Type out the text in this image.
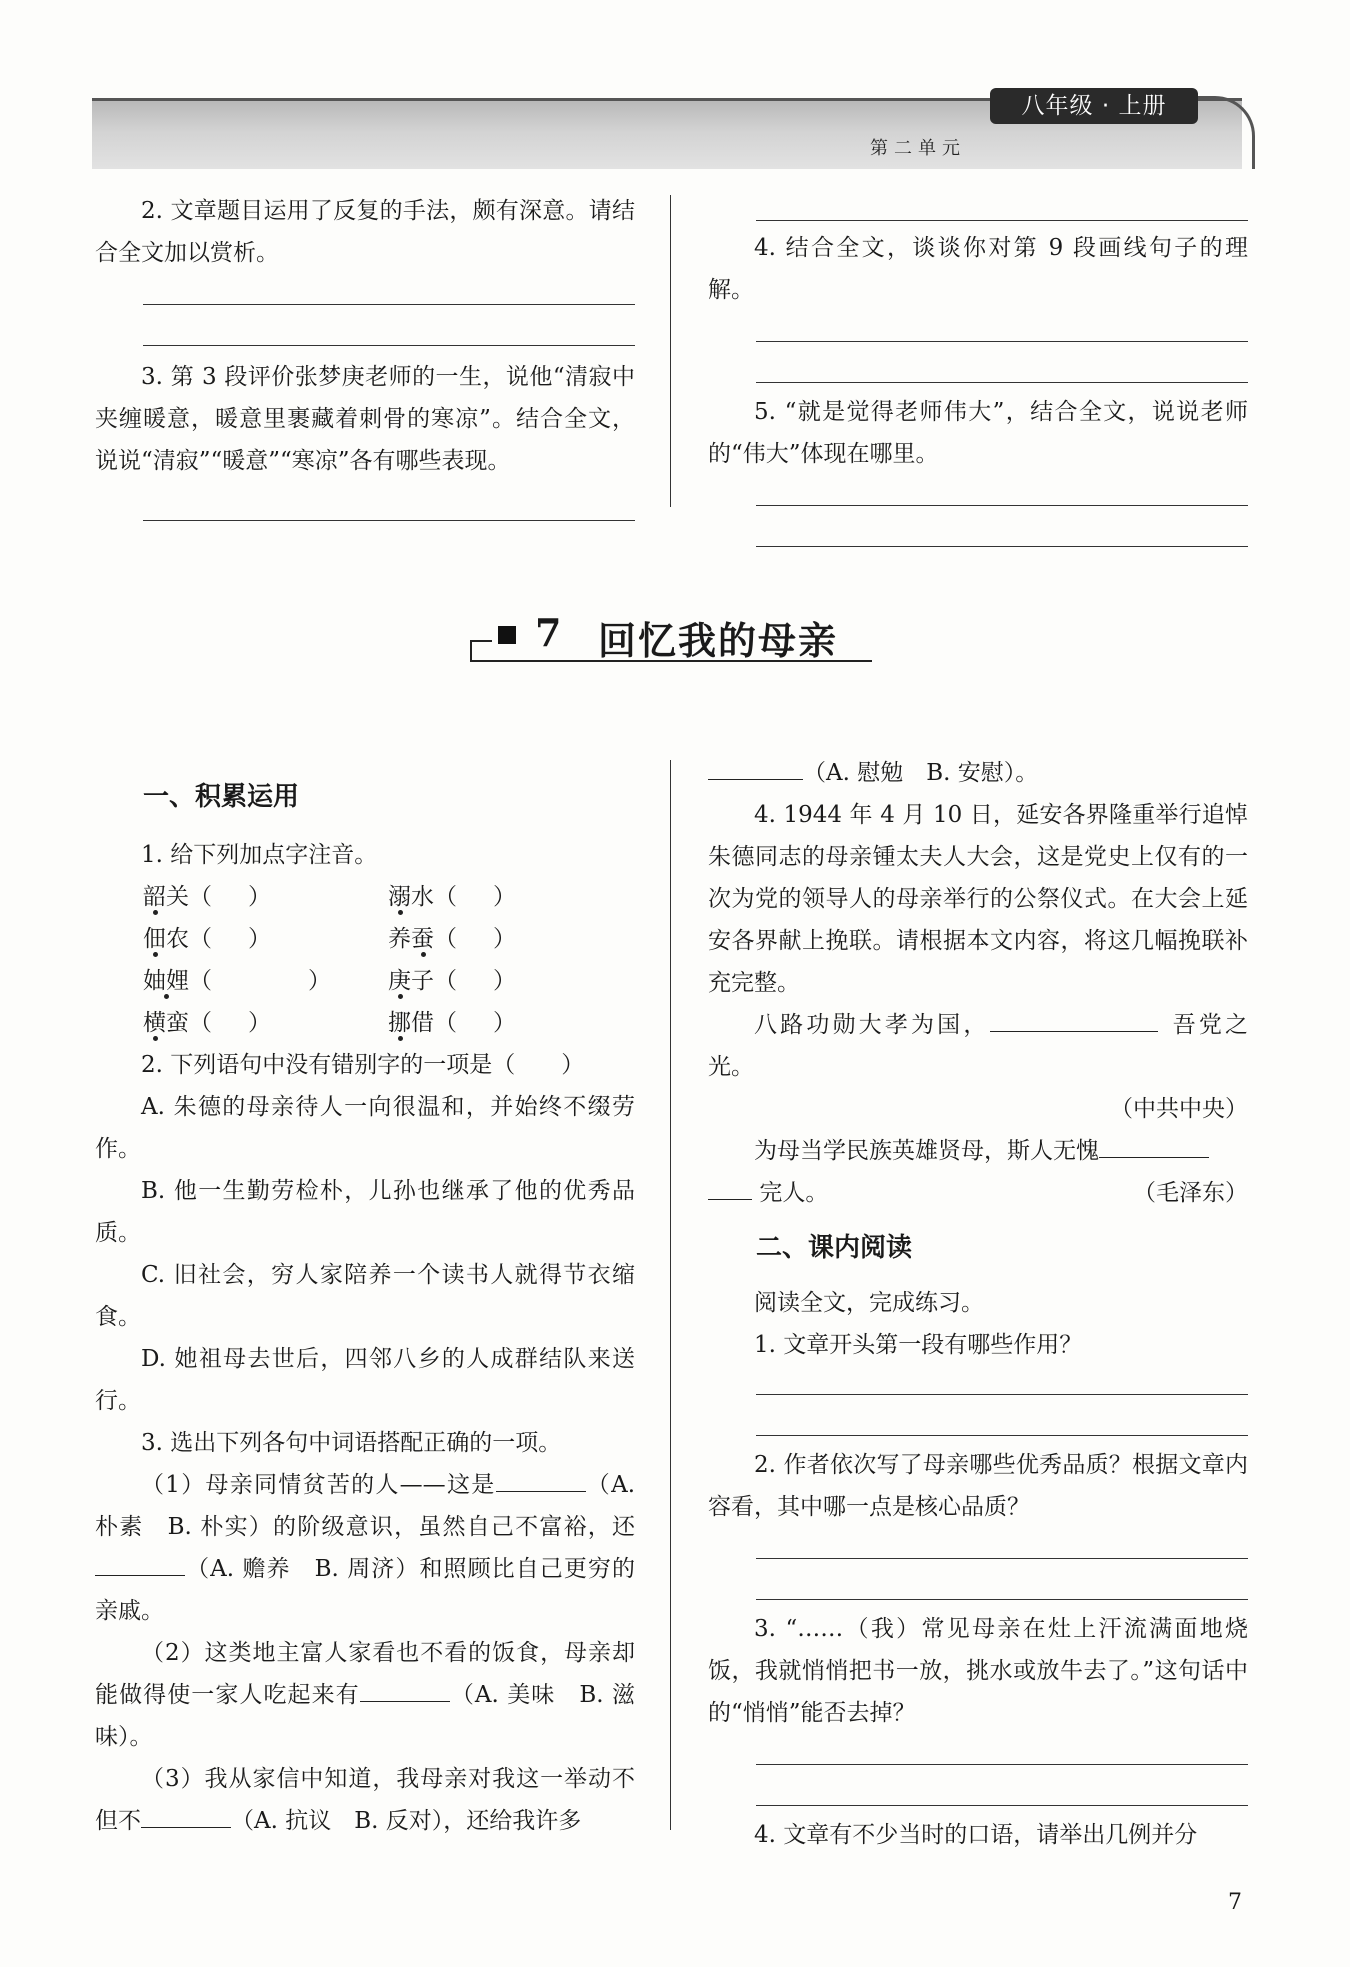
八年级 · 上册
第二单元

2. 文章题目运用了反复的手法，颇有深意。请结合全文加以赏析。

3. 第 3 段评价张梦庚老师的一生，说他“清寂中夹缠暖意，暖意里裹藏着刺骨的寒凉”。结合全文，说说“清寂”“暖意”“寒凉”各有哪些表现。

4. 结合全文，谈谈你对第 9 段画线句子的理解。

5. “就是觉得老师伟大”，结合全文，说说老师的“伟大”体现在哪里。

7 回忆我的母亲

一、积累运用

1. 给下列加点字注音。

韶关（ ）	溺水（ ）
佃农（ ）	养蚕（ ）
妯娌（	）	庚子（ ）
横蛮（ ）	挪借（ ）

2. 下列语句中没有错别字的一项是（　　）

A. 朱德的母亲待人一向很温和，并始终不缀劳作。

B. 他一生勤劳检朴，儿孙也继承了他的优秀品质。

C. 旧社会，穷人家陪养一个读书人就得节衣缩食。

D. 她祖母去世后，四邻八乡的人成群结队来送行。

3. 选出下列各句中词语搭配正确的一项。

（1）母亲同情贫苦的人——这是	（A. 朴素　B. 朴实）的阶级意识，虽然自己不富裕，还（A. 赡养　B. 周济）和照顾比自己更穷的亲戚。

（2）这类地主富人家看也不看的饭食，母亲却能做得使一家人吃起来有	（A. 美味　B. 滋味）。

（3）我从家信中知道，我母亲对我这一举动不但不	（A. 抗议　B. 反对），还给我许多

（A. 慰勉　B. 安慰）。

4. 1944 年 4 月 10 日，延安各界隆重举行追悼朱德同志的母亲锺太夫人大会，这是党史上仅有的一次为党的领导人的母亲举行的公祭仪式。在大会上延安各界献上挽联。请根据本文内容，将这几幅挽联补充完整。

八路功勋大孝为国，	吾党之光。

（中共中央）

为母当学民族英雄贤母，斯人无愧

完人。	（毛泽东）

二、课内阅读

阅读全文，完成练习。

1. 文章开头第一段有哪些作用？

2. 作者依次写了母亲哪些优秀品质？根据文章内容看，其中哪一点是核心品质？

3. “……（我）常见母亲在灶上汗流满面地烧饭，我就悄悄把书一放，挑水或放牛去了。”这句话中的“悄悄”能否去掉？

4. 文章有不少当时的口语，请举出几例并分

7
